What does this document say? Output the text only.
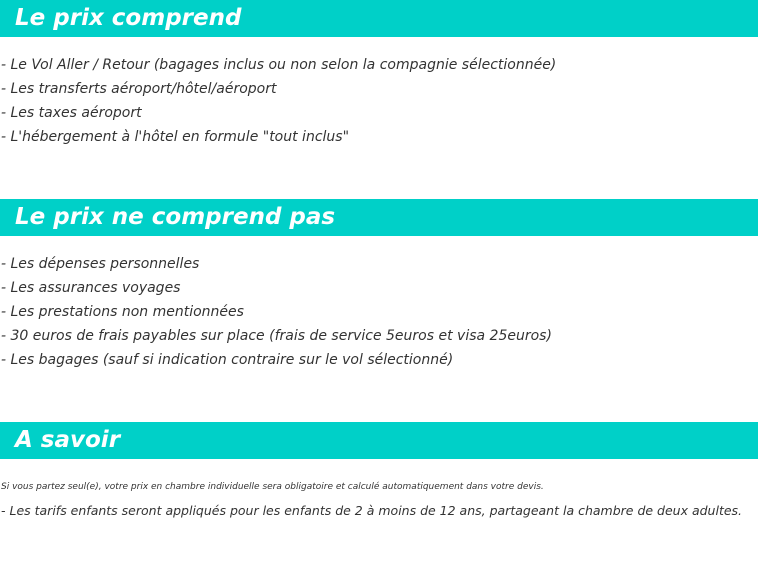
Le prix comprend
- Le Vol Aller / Retour (bagages inclus ou non selon la compagnie sélectionnée)
- Les transferts aéroport/hôtel/aéroport
- Les taxes aéroport
- L'hébergement à l'hôtel en formule "tout inclus"
Le prix ne comprend pas
- Les dépenses personnelles
- Les assurances voyages
- Les prestations non mentionnées
- 30 euros de frais payables sur place (frais de service 5euros et visa 25euros)
- Les bagages (sauf si indication contraire sur le vol sélectionné)
A savoir
Si vous partez seul(e), votre prix en chambre individuelle sera obligatoire et calculé automatiquement dans votre devis.
- Les tarifs enfants seront appliqués pour les enfants de 2 à moins de 12 ans, partageant la chambre de deux adultes.
